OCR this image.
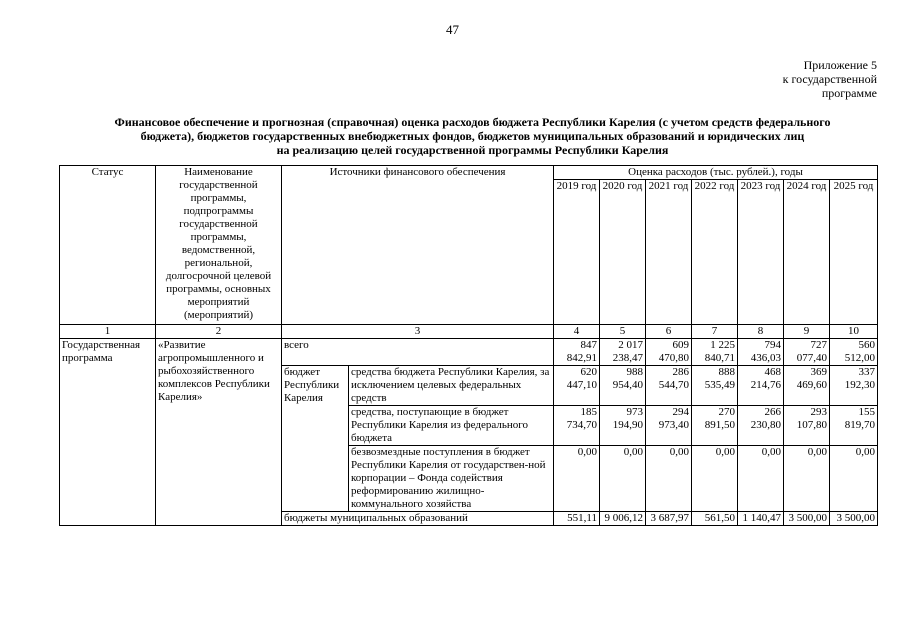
47
Приложение 5
к государственной
программе
Финансовое обеспечение и прогнозная (справочная) оценка расходов бюджета Республики Карелия (с учетом средств федерального
бюджета), бюджетов государственных внебюджетных фондов, бюджетов муниципальных образований и юридических лиц
на реализацию целей государственной программы Республики Карелия
Статус	Наименование государственной программы, подпрограммы государственной программы, ведомственной, региональной, долгосрочной целевой программы, основных мероприятий (мероприятий)	Источники финансового обеспечения		Оценка расходов (тыс. рублей.), годы						
				2019 год	2020 год	2021 год	2022 год	2023 год	2024 год	2025 год
1	2	3		4	5	6	7	8	9	10
Государственная программа	«Развитие агропромышленного и рыбохозяйственного комплексов Республики Карелия»	всего		847 842,91	2 017 238,47	609 470,80	1 225 840,71	794 436,03	727 077,40	560 512,00
		бюджет Республики Карелия	средства бюджета Республики Карелия, за исключением целевых федеральных средств	620 447,10	988 954,40	286 544,70	888 535,49	468 214,76	369 469,60	337 192,30
			средства, поступающие в бюджет Республики Карелия из федерального бюджета	185 734,70	973 194,90	294 973,40	270 891,50	266 230,80	293 107,80	155 819,70
			безвозмездные поступления в бюджет Республики Карелия от государствен-ной корпорации – Фонда содействия реформированию жилищно-коммунального хозяйства	0,00	0,00	0,00	0,00	0,00	0,00	0,00
		бюджеты муниципальных образований		551,11	9 006,12	3 687,97	561,50	1 140,47	3 500,00	3 500,00
